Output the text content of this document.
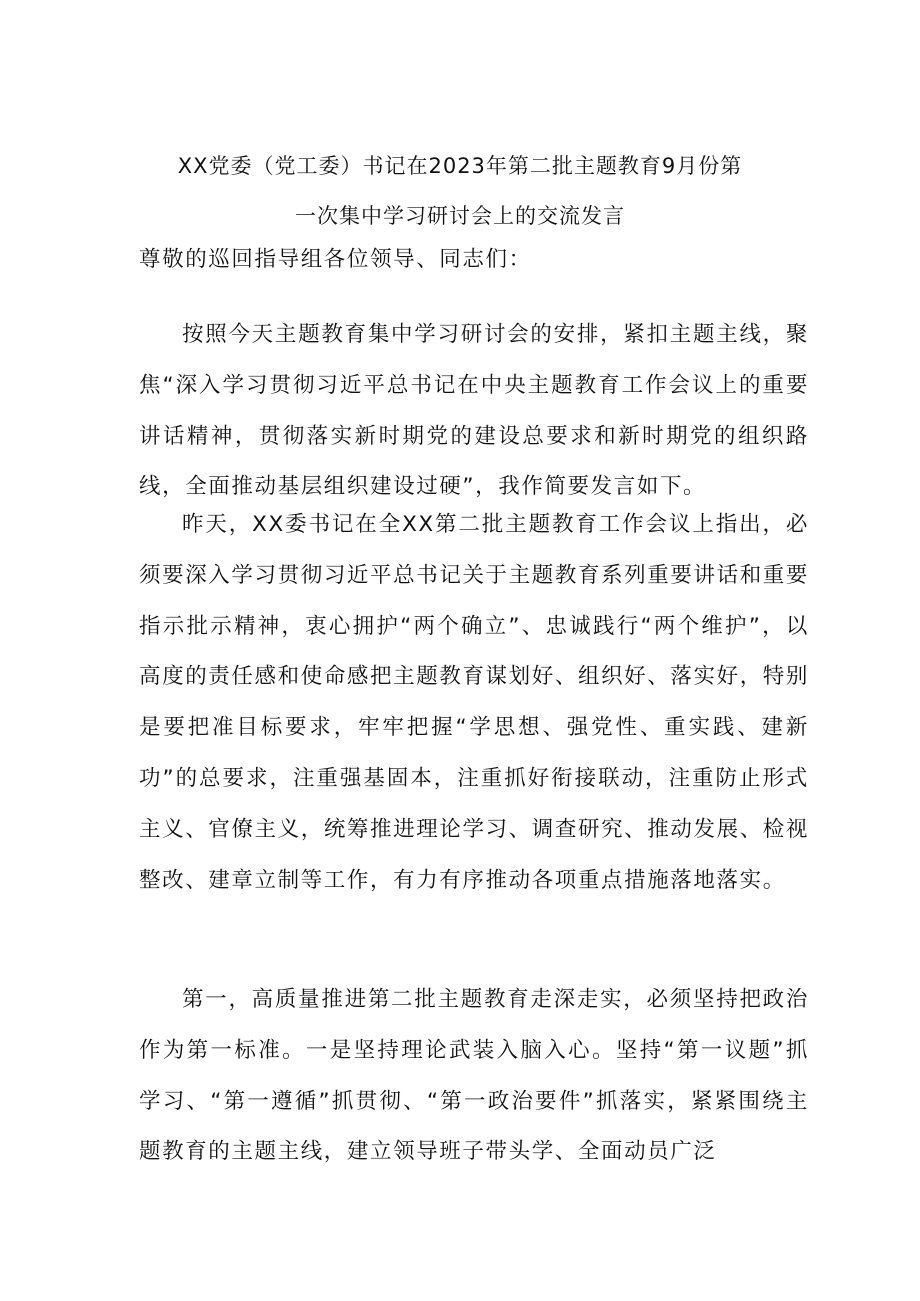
XX党委（党工委）书记在2023年第二批主题教育9月份第
一次集中学习研讨会上的交流发言
尊敬的巡回指导组各位领导、同志们：
按照今天主题教育集中学习研讨会的安排，紧扣主题主线，聚焦“深入学习贯彻习近平总书记在中央主题教育工作会议上的重要讲话精神，贯彻落实新时期党的建设总要求和新时期党的组织路线，全面推动基层组织建设过硬”，我作简要发言如下。
昨天，XX委书记在全XX第二批主题教育工作会议上指出，必须要深入学习贯彻习近平总书记关于主题教育系列重要讲话和重要指示批示精神，衷心拥护“两个确立”、忠诚践行“两个维护”，以高度的责任感和使命感把主题教育谋划好、组织好、落实好，特别是要把准目标要求，牢牢把握“学思想、强党性、重实践、建新功”的总要求，注重强基固本，注重抓好衔接联动，注重防止形式主义、官僚主义，统筹推进理论学习、调查研究、推动发展、检视整改、建章立制等工作，有力有序推动各项重点措施落地落实。
第一，高质量推进第二批主题教育走深走实，必须坚持把政治作为第一标准。一是坚持理论武装入脑入心。坚持“第一议题”抓学习、“第一遵循”抓贯彻、“第一政治要件”抓落实，紧紧围绕主题教育的主题主线，建立领导班子带头学、全面动员广泛
